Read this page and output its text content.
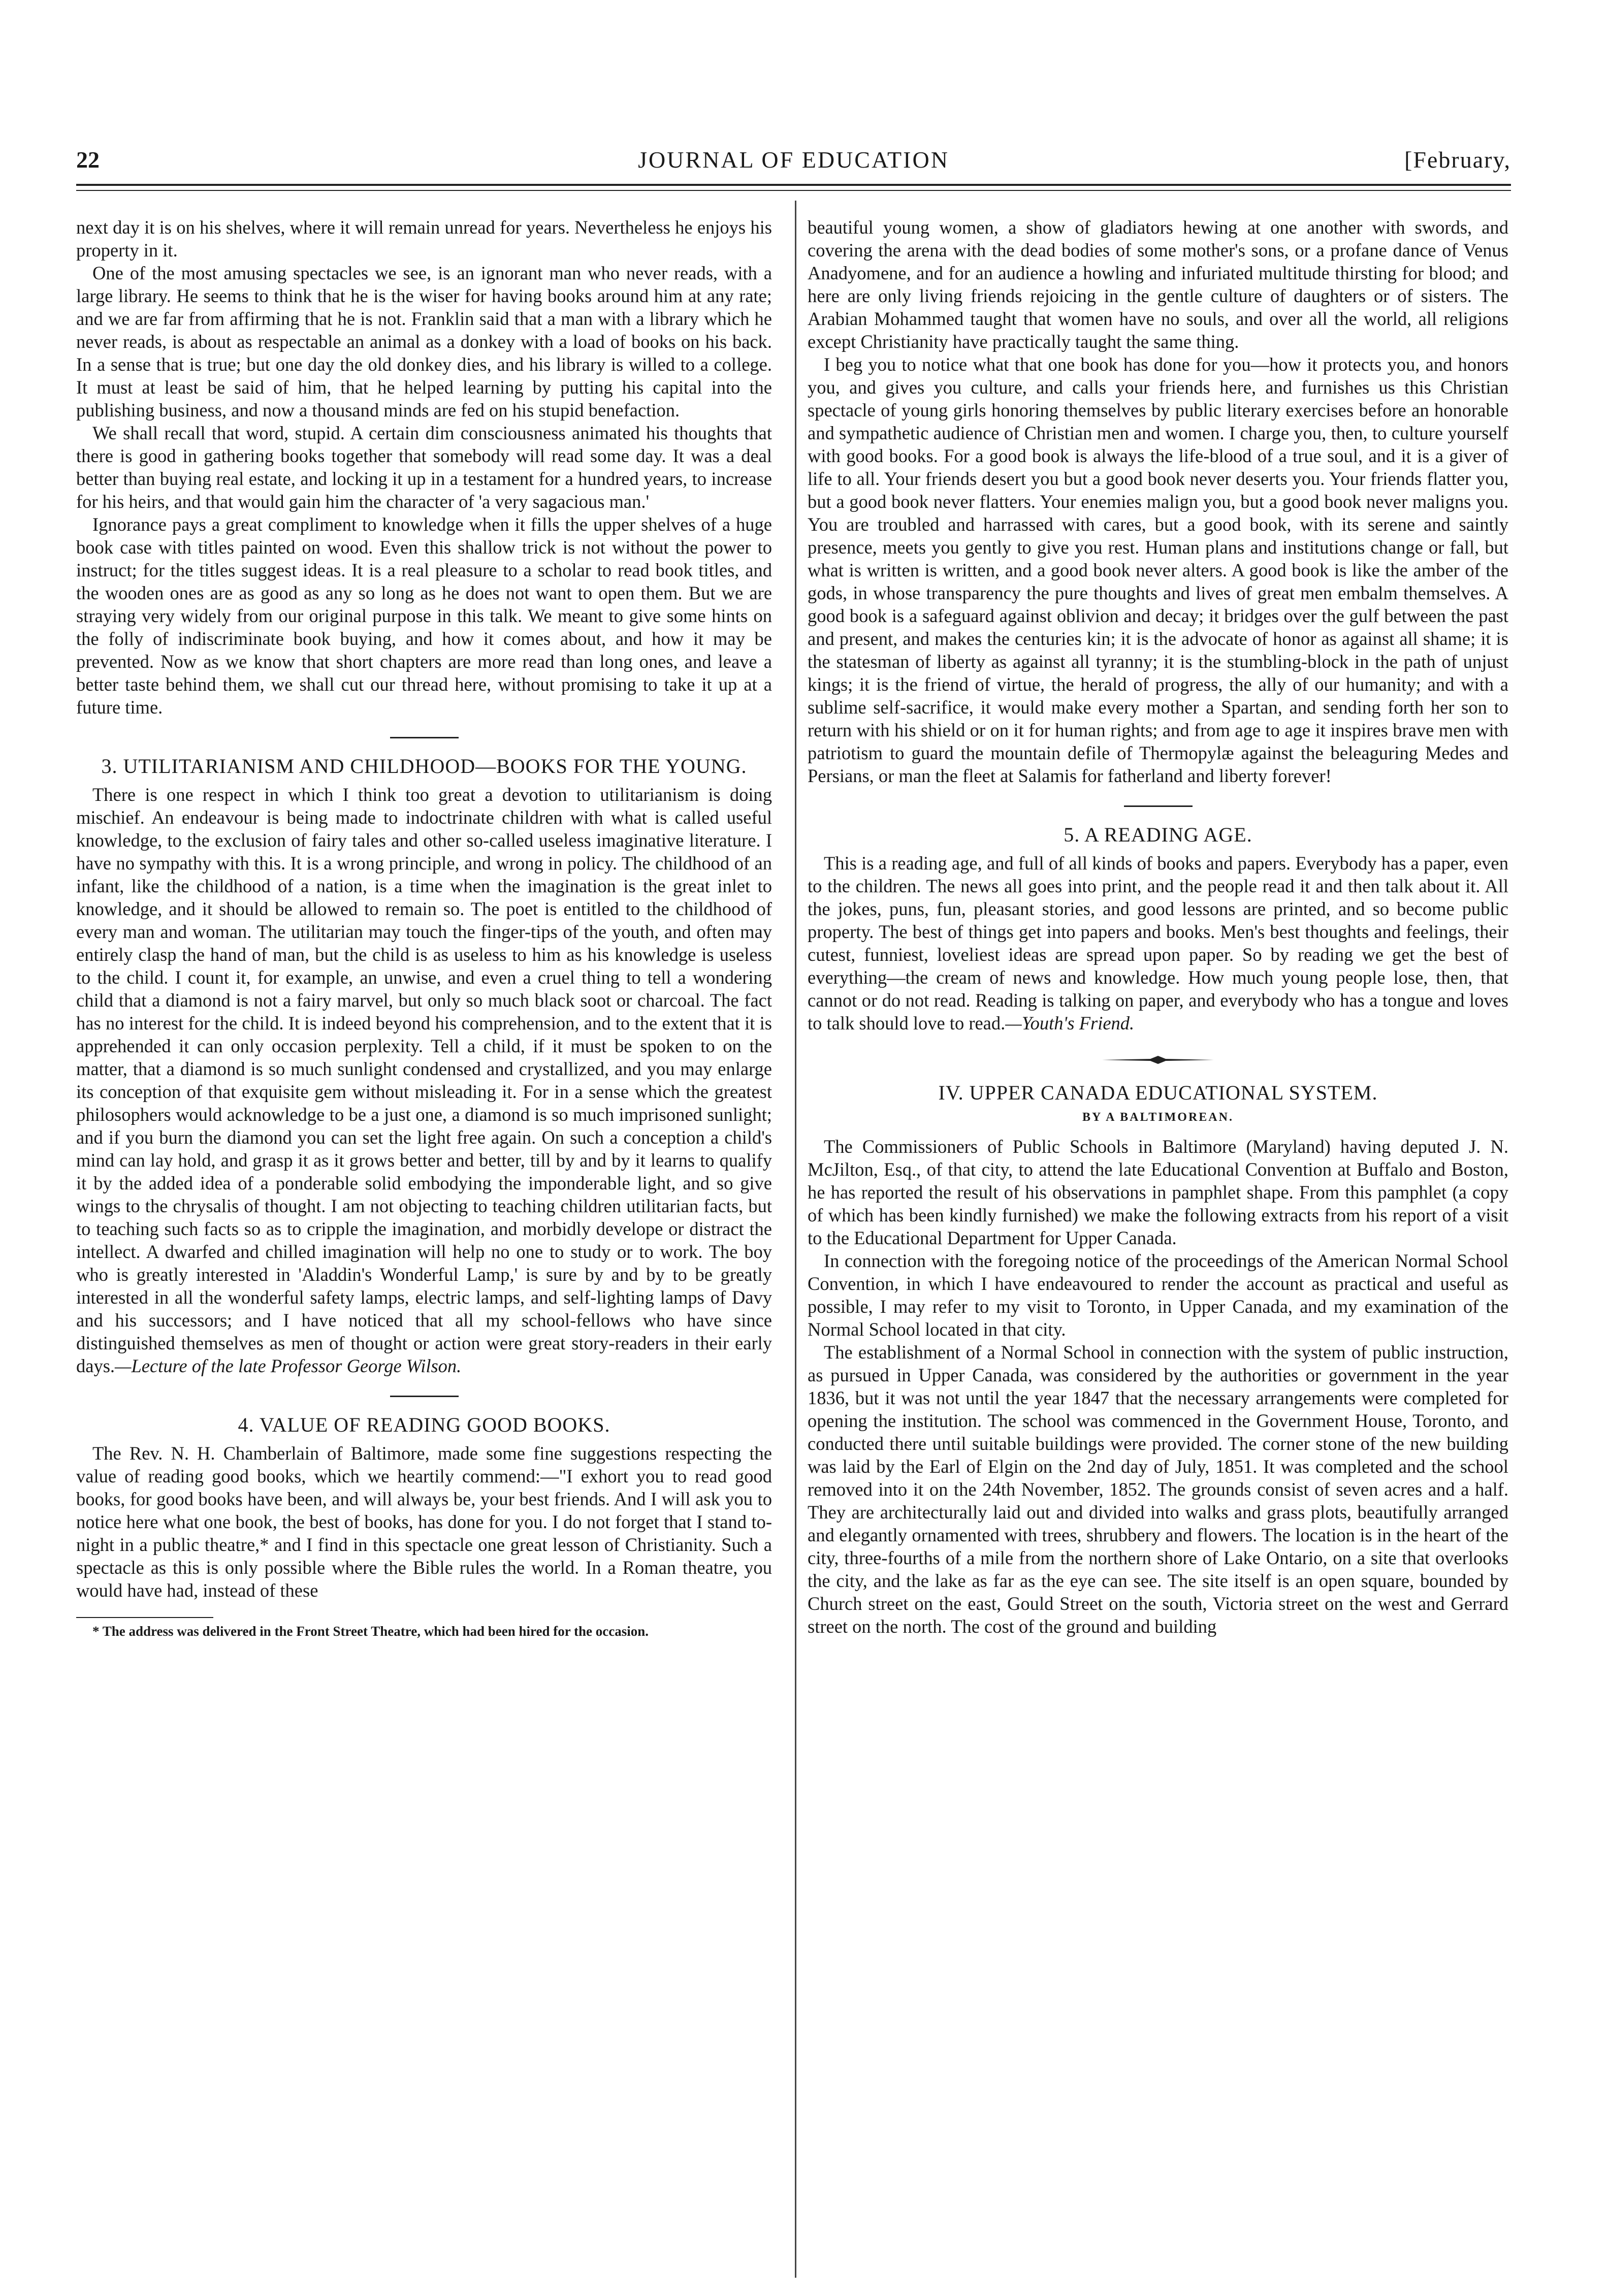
22	JOURNAL OF EDUCATION	[February,

next day it is on his shelves, where it will remain unread for years. Nevertheless he enjoys his property in it.

One of the most amusing spectacles we see, is an ignorant man who never reads, with a large library. He seems to think that he is the wiser for having books around him at any rate; and we are far from affirming that he is not. Franklin said that a man with a library which he never reads, is about as respectable an animal as a donkey with a load of books on his back. In a sense that is true; but one day the old donkey dies, and his library is willed to a college. It must at least be said of him, that he helped learning by putting his capital into the publishing business, and now a thousand minds are fed on his stupid benefaction.

We shall recall that word, stupid. A certain dim consciousness animated his thoughts that there is good in gathering books together that somebody will read some day. It was a deal better than buying real estate, and locking it up in a testament for a hundred years, to increase for his heirs, and that would gain him the character of 'a very sagacious man.'

Ignorance pays a great compliment to knowledge when it fills the upper shelves of a huge book case with titles painted on wood. Even this shallow trick is not without the power to instruct; for the titles suggest ideas. It is a real pleasure to a scholar to read book titles, and the wooden ones are as good as any so long as he does not want to open them. But we are straying very widely from our original purpose in this talk. We meant to give some hints on the folly of indiscriminate book buying, and how it comes about, and how it may be prevented. Now as we know that short chapters are more read than long ones, and leave a better taste behind them, we shall cut our thread here, without promising to take it up at a future time.

3. UTILITARIANISM AND CHILDHOOD—BOOKS FOR THE YOUNG.

There is one respect in which I think too great a devotion to utilitarianism is doing mischief. An endeavour is being made to indoctrinate children with what is called useful knowledge, to the exclusion of fairy tales and other so-called useless imaginative literature. I have no sympathy with this. It is a wrong principle, and wrong in policy. The childhood of an infant, like the childhood of a nation, is a time when the imagination is the great inlet to knowledge, and it should be allowed to remain so. The poet is entitled to the childhood of every man and woman. The utilitarian may touch the finger-tips of the youth, and often may entirely clasp the hand of man, but the child is as useless to him as his knowledge is useless to the child. I count it, for example, an unwise, and even a cruel thing to tell a wondering child that a diamond is not a fairy marvel, but only so much black soot or charcoal. The fact has no interest for the child. It is indeed beyond his comprehension, and to the extent that it is apprehended it can only occasion perplexity. Tell a child, if it must be spoken to on the matter, that a diamond is so much sunlight condensed and crystallized, and you may enlarge its conception of that exquisite gem without misleading it. For in a sense which the greatest philosophers would acknowledge to be a just one, a diamond is so much imprisoned sunlight; and if you burn the diamond you can set the light free again. On such a conception a child's mind can lay hold, and grasp it as it grows better and better, till by and by it learns to qualify it by the added idea of a ponderable solid embodying the imponderable light, and so give wings to the chrysalis of thought. I am not objecting to teaching children utilitarian facts, but to teaching such facts so as to cripple the imagination, and morbidly develope or distract the intellect. A dwarfed and chilled imagination will help no one to study or to work. The boy who is greatly interested in 'Aladdin's Wonderful Lamp,' is sure by and by to be greatly interested in all the wonderful safety lamps, electric lamps, and self-lighting lamps of Davy and his successors; and I have noticed that all my school-fellows who have since distinguished themselves as men of thought or action were great story-readers in their early days.—Lecture of the late Professor George Wilson.

4. VALUE OF READING GOOD BOOKS.

The Rev. N. H. Chamberlain of Baltimore, made some fine suggestions respecting the value of reading good books, which we heartily commend:—"I exhort you to read good books, for good books have been, and will always be, your best friends. And I will ask you to notice here what one book, the best of books, has done for you. I do not forget that I stand to-night in a public theatre,* and I find in this spectacle one great lesson of Christianity. Such a spectacle as this is only possible where the Bible rules the world. In a Roman theatre, you would have had, instead of these

* The address was delivered in the Front Street Theatre, which had been hired for the occasion.

beautiful young women, a show of gladiators hewing at one another with swords, and covering the arena with the dead bodies of some mother's sons, or a profane dance of Venus Anadyomene, and for an audience a howling and infuriated multitude thirsting for blood; and here are only living friends rejoicing in the gentle culture of daughters or of sisters. The Arabian Mohammed taught that women have no souls, and over all the world, all religions except Christianity have practically taught the same thing.

I beg you to notice what that one book has done for you—how it protects you, and honors you, and gives you culture, and calls your friends here, and furnishes us this Christian spectacle of young girls honoring themselves by public literary exercises before an honorable and sympathetic audience of Christian men and women. I charge you, then, to culture yourself with good books. For a good book is always the life-blood of a true soul, and it is a giver of life to all. Your friends desert you but a good book never deserts you. Your friends flatter you, but a good book never flatters. Your enemies malign you, but a good book never maligns you. You are troubled and harrassed with cares, but a good book, with its serene and saintly presence, meets you gently to give you rest. Human plans and institutions change or fall, but what is written is written, and a good book never alters. A good book is like the amber of the gods, in whose transparency the pure thoughts and lives of great men embalm themselves. A good book is a safeguard against oblivion and decay; it bridges over the gulf between the past and present, and makes the centuries kin; it is the advocate of honor as against all shame; it is the statesman of liberty as against all tyranny; it is the stumbling-block in the path of unjust kings; it is the friend of virtue, the herald of progress, the ally of our humanity; and with a sublime self-sacrifice, it would make every mother a Spartan, and sending forth her son to return with his shield or on it for human rights; and from age to age it inspires brave men with patriotism to guard the mountain defile of Thermopylæ against the beleaguring Medes and Persians, or man the fleet at Salamis for fatherland and liberty forever!

5. A READING AGE.

This is a reading age, and full of all kinds of books and papers. Everybody has a paper, even to the children. The news all goes into print, and the people read it and then talk about it. All the jokes, puns, fun, pleasant stories, and good lessons are printed, and so become public property. The best of things get into papers and books. Men's best thoughts and feelings, their cutest, funniest, loveliest ideas are spread upon paper. So by reading we get the best of everything—the cream of news and knowledge. How much young people lose, then, that cannot or do not read. Reading is talking on paper, and everybody who has a tongue and loves to talk should love to read.—Youth's Friend.

IV. UPPER CANADA EDUCATIONAL SYSTEM.
BY A BALTIMOREAN.

The Commissioners of Public Schools in Baltimore (Maryland) having deputed J. N. McJilton, Esq., of that city, to attend the late Educational Convention at Buffalo and Boston, he has reported the result of his observations in pamphlet shape. From this pamphlet (a copy of which has been kindly furnished) we make the following extracts from his report of a visit to the Educational Department for Upper Canada.

In connection with the foregoing notice of the proceedings of the American Normal School Convention, in which I have endeavoured to render the account as practical and useful as possible, I may refer to my visit to Toronto, in Upper Canada, and my examination of the Normal School located in that city.

The establishment of a Normal School in connection with the system of public instruction, as pursued in Upper Canada, was considered by the authorities or government in the year 1836, but it was not until the year 1847 that the necessary arrangements were completed for opening the institution. The school was commenced in the Government House, Toronto, and conducted there until suitable buildings were provided. The corner stone of the new building was laid by the Earl of Elgin on the 2nd day of July, 1851. It was completed and the school removed into it on the 24th November, 1852. The grounds consist of seven acres and a half. They are architecturally laid out and divided into walks and grass plots, beautifully arranged and elegantly ornamented with trees, shrubbery and flowers. The location is in the heart of the city, three-fourths of a mile from the northern shore of Lake Ontario, on a site that overlooks the city, and the lake as far as the eye can see. The site itself is an open square, bounded by Church street on the east, Gould Street on the south, Victoria street on the west and Gerrard street on the north. The cost of the ground and building
